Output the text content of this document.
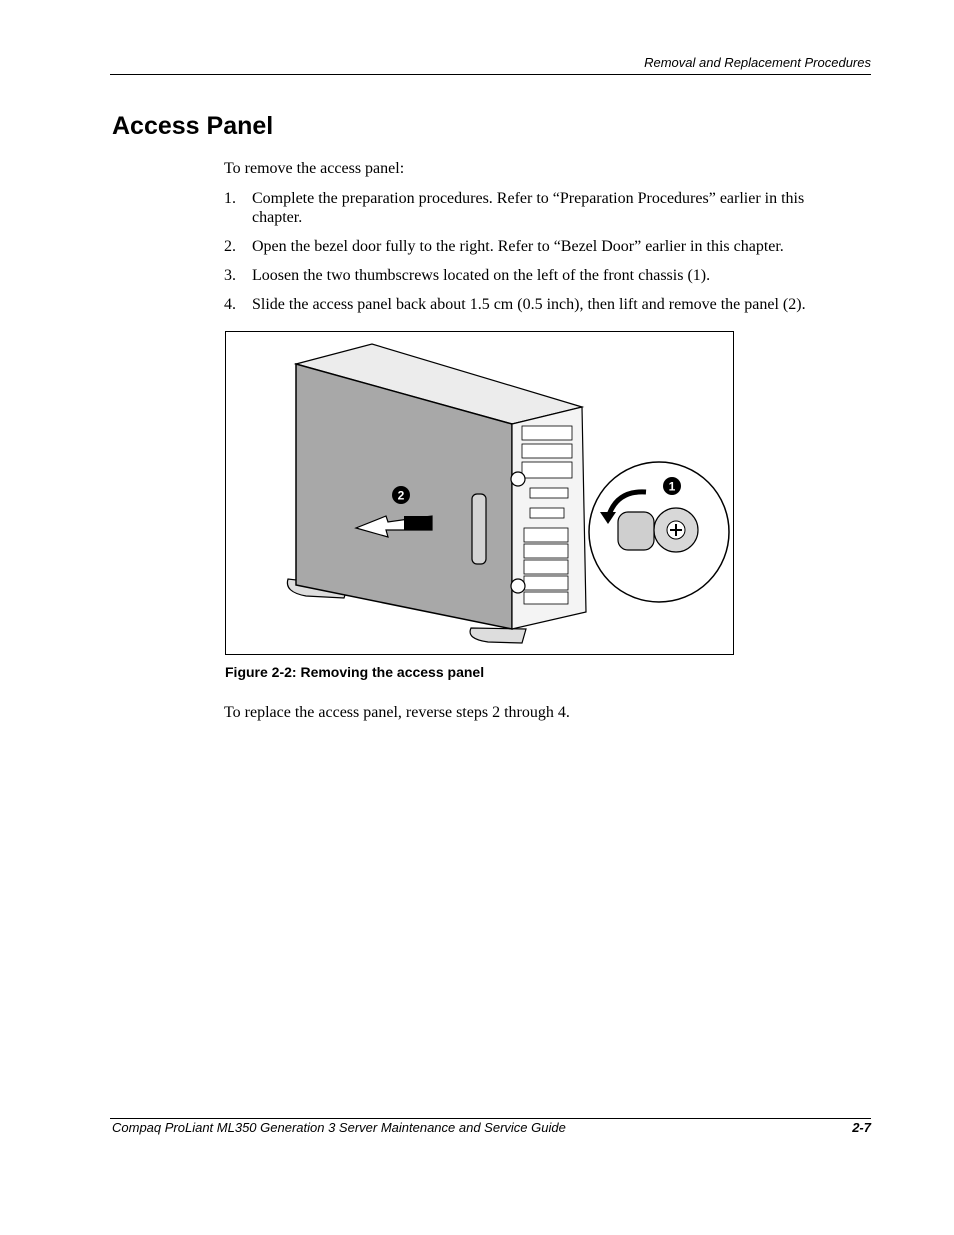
Removal and Replacement Procedures
Access Panel
To remove the access panel:
1. Complete the preparation procedures. Refer to “Preparation Procedures” earlier in this chapter.
2. Open the bezel door fully to the right. Refer to “Bezel Door” earlier in this chapter.
3. Loosen the two thumbscrews located on the left of the front chassis (1).
4. Slide the access panel back about 1.5 cm (0.5 inch), then lift and remove the panel (2).
2
1
Figure 2-2: Removing the access panel
To replace the access panel, reverse steps 2 through 4.
Compaq ProLiant ML350 Generation 3 Server Maintenance and Service Guide	2-7
